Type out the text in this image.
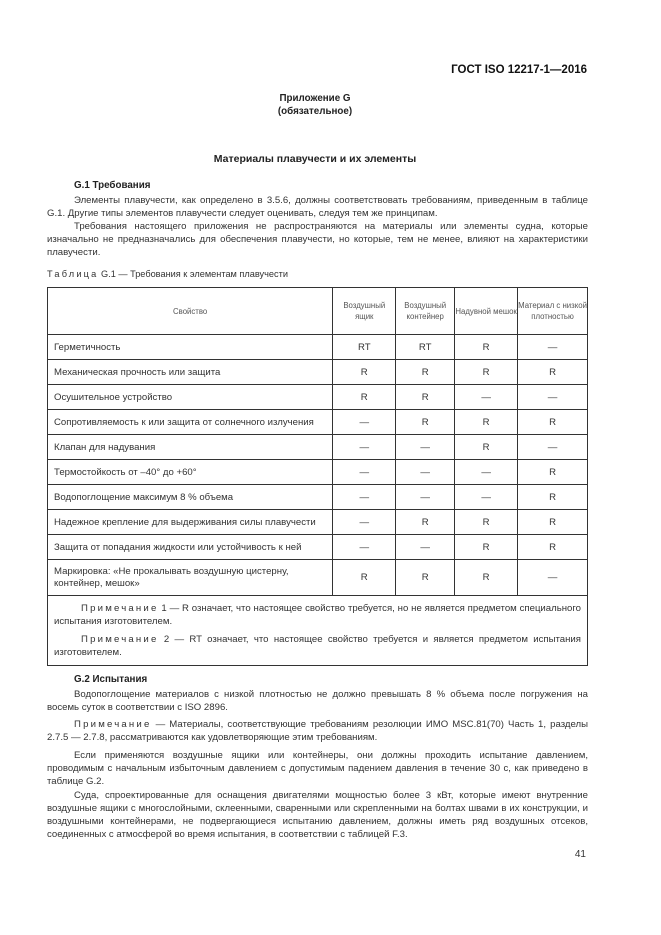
ГОСТ ISO 12217-1—2016
Приложение G
(обязательное)
Материалы плавучести и их элементы
G.1 Требования
Элементы плавучести, как определено в 3.5.6, должны соответствовать требованиям, приведенным в таблице G.1. Другие типы элементов плавучести следует оценивать, следуя тем же принципам.
Требования настоящего приложения не распространяются на материалы или элементы судна, которые изначально не предназначались для обеспечения плавучести, но которые, тем не менее, влияют на характеристики плавучести.
Таблица G.1 — Требования к элементам плавучести
Свойство	Воздушный ящик	Воздушный контейнер	Надувной мешок	Материал с низкой плотностью
Герметичность	RT	RT	R	—
Механическая прочность или защита	R	R	R	R
Осушительное устройство	R	R	—	—
Сопротивляемость к или защита от солнечного излучения	—	R	R	R
Клапан для надувания	—	—	R	—
Термостойкость от –40° до +60°	—	—	—	R
Водопоглощение максимум 8 % объема	—	—	—	R
Надежное крепление для выдерживания силы плавучести	—	R	R	R
Защита от попадания жидкости или устойчивость к ней	—	—	R	R
Маркировка: «Не прокалывать воздушную цистерну, контейнер, мешок»	R	R	R	—

Примечание 1 — R означает, что настоящее свойство требуется, но не является предметом специального испытания изготовителем.
Примечание 2 — RT означает, что настоящее свойство требуется и является предметом испытания изготовителем.				
G.2 Испытания
Водопоглощение материалов с низкой плотностью не должно превышать 8 % объема после погружения на восемь суток в соответствии с ISO 2896.
Примечание — Материалы, соответствующие требованиям резолюции ИМО MSC.81(70) Часть 1, разделы 2.7.5 — 2.7.8, рассматриваются как удовлетворяющие этим требованиям.
Если применяются воздушные ящики или контейнеры, они должны проходить испытание давлением, проводимым с начальным избыточным давлением с допустимым падением давления в течение 30 с, как приведено в таблице G.2.
Суда, спроектированные для оснащения двигателями мощностью более 3 кВт, которые имеют внутренние воздушные ящики с многослойными, склеенными, сваренными или скрепленными на болтах швами в их конструкции, и воздушными контейнерами, не подвергающиеся испытанию давлением, должны иметь ряд воздушных отсеков, соединенных с атмосферой во время испытания, в соответствии с таблицей F.3.
41
